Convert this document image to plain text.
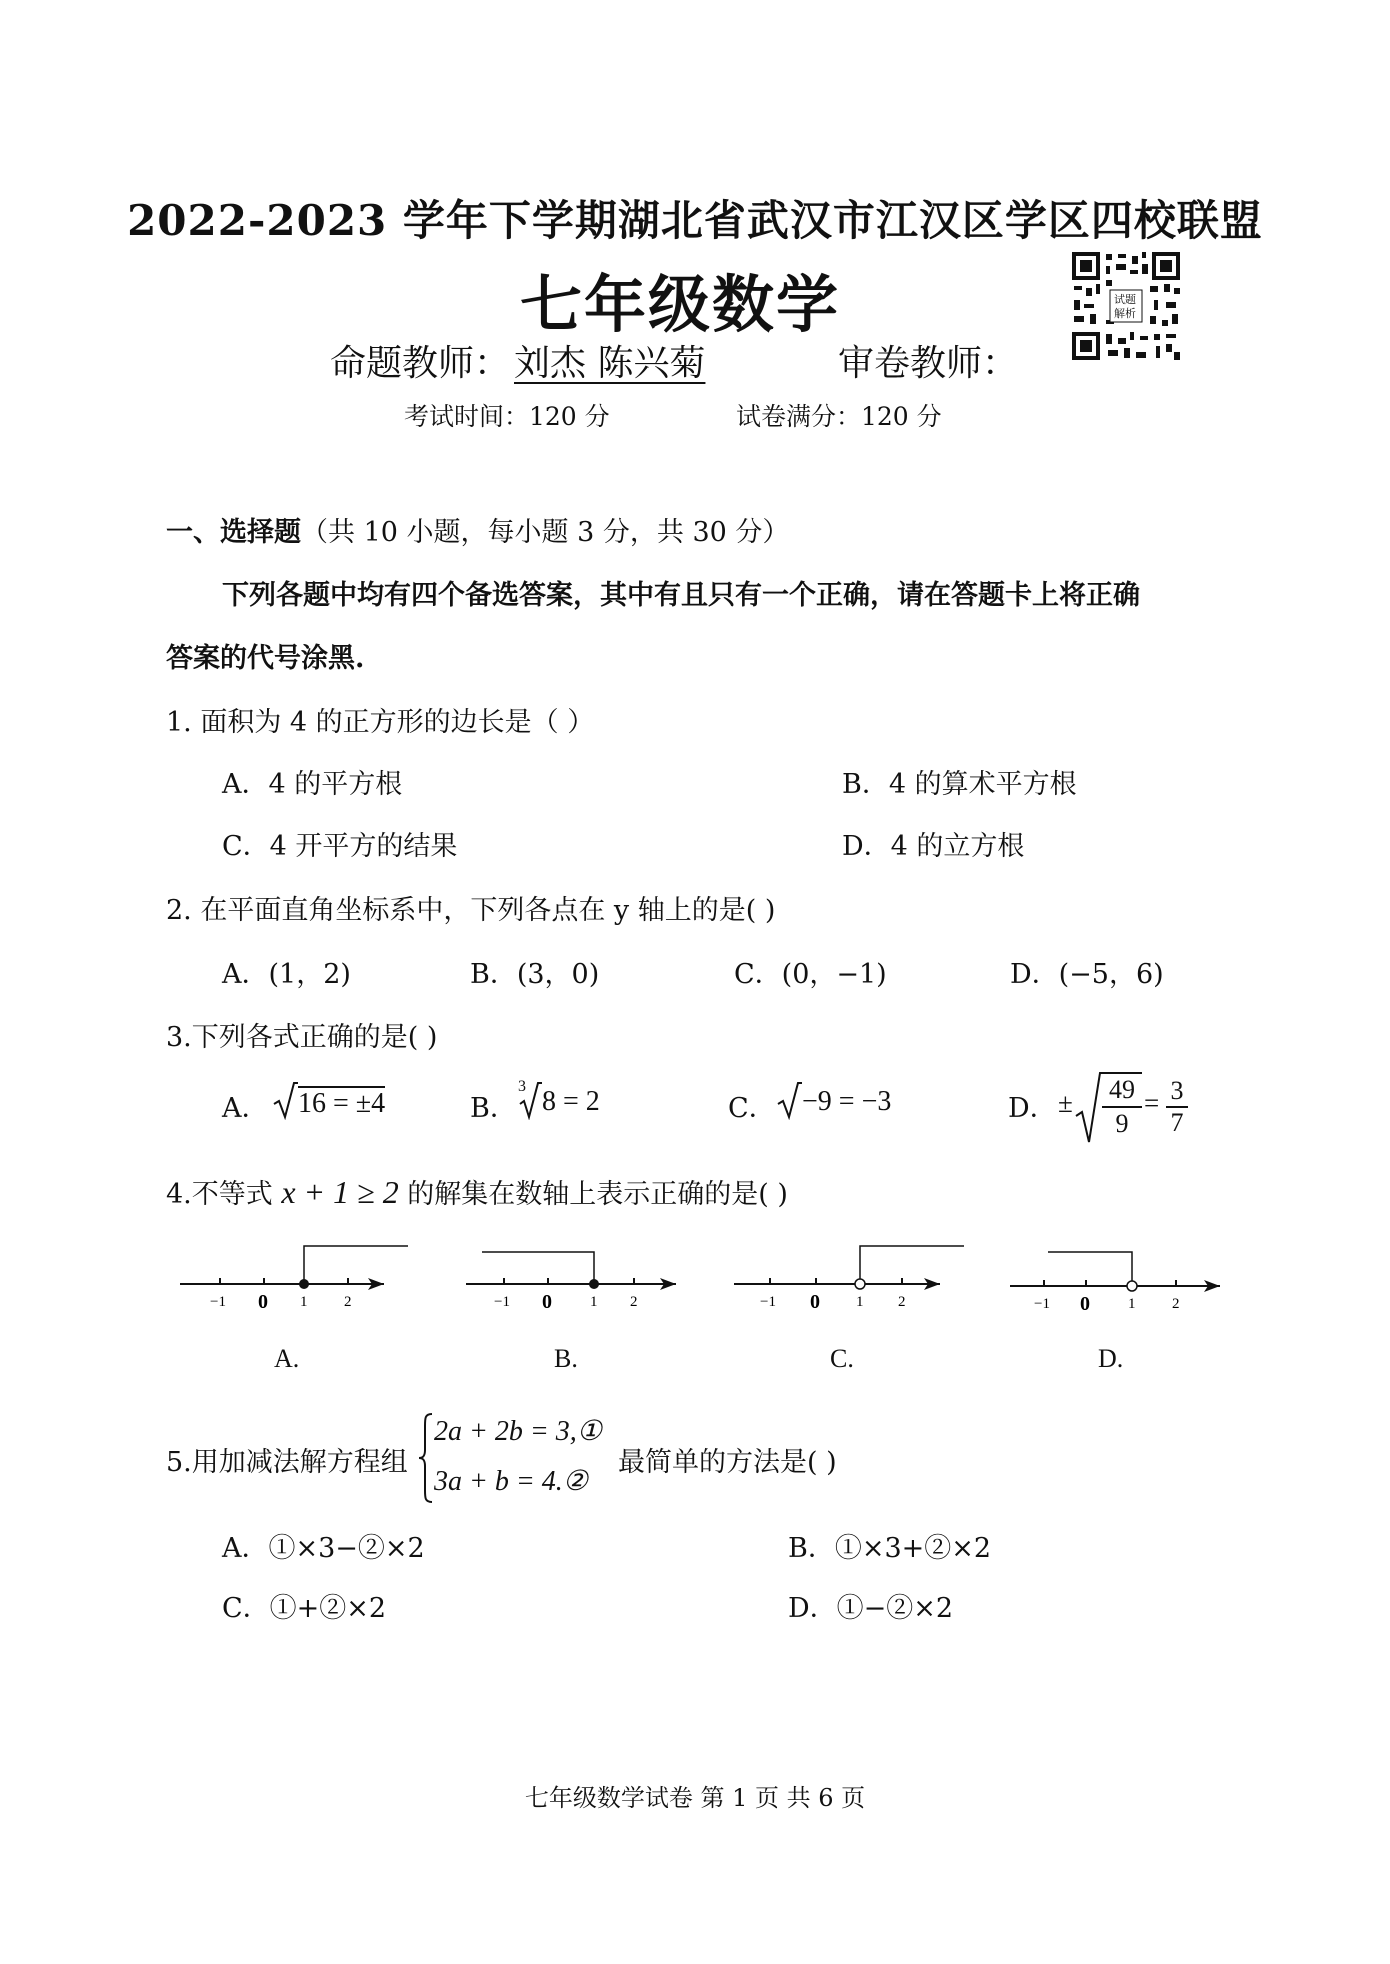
2022-2023 学年下学期湖北省武汉市江汉区学区四校联盟
七年级数学	试题
解析
命题教师： 刘杰 陈兴菊	审卷教师：
考试时间：120 分	试卷满分：120 分
一、选择题（共 10 小题，每小题 3 分，共 30 分）
下列各题中均有四个备选答案，其中有且只有一个正确，请在答题卡上将正确
答案的代号涂黑.
1. 面积为 4 的正方形的边长是（ ）
A．4 的平方根	B．4 的算术平方根
C．4 开平方的结果	D．4 的立方根
2. 在平面直角坐标系中，下列各点在 y 轴上的是( )
A．(1，2)	B．(3，0)	C．(0，−1)	D．(−5，6)
3.下列各式正确的是( )
A． 16 = ±4	B．
3 8 = 2	C． −9 = −3	D． ± 49
9
= 3
7
4.不等式 x + 1 ≥ 2 的解集在数轴上表示正确的是( )
−1 0 1 2
A.
−1 0	1 2
B.
−1 0 1 2
C.
−1 0	1 2
D.
5.用加减法解方程组
2a + 2b = 3,①
3a + b = 4.②
最简单的方法是( )
A．①×3−②×2	B．①×3+②×2
C．①+②×2	D．①−②×2
七年级数学试卷 第 1 页 共 6 页
